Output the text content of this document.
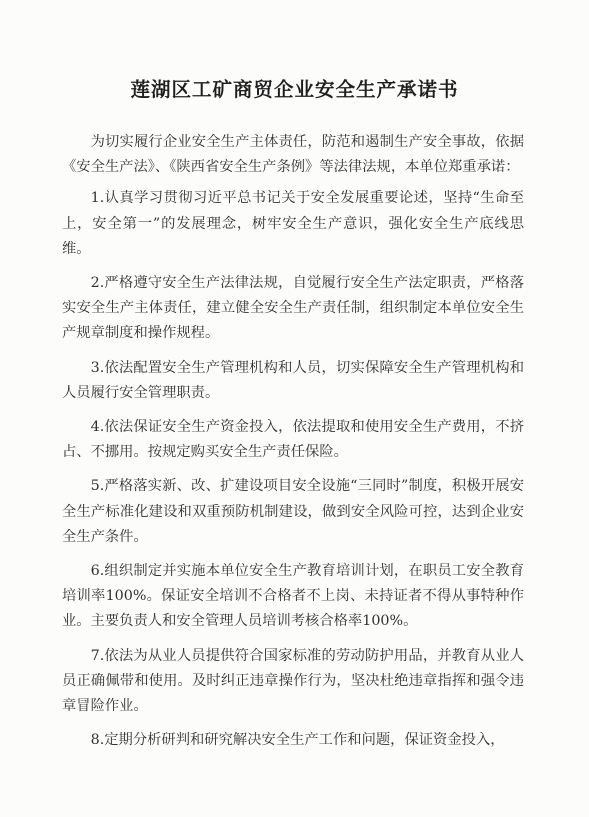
莲湖区工矿商贸企业安全生产承诺书

为切实履行企业安全生产主体责任，防范和遏制生产安全事故，依据《安全生产法》、《陕西省安全生产条例》等法律法规，本单位郑重承诺：

1.认真学习贯彻习近平总书记关于安全发展重要论述，坚持“生命至上，安全第一”的发展理念，树牢安全生产意识，强化安全生产底线思维。

2.严格遵守安全生产法律法规，自觉履行安全生产法定职责，严格落实安全生产主体责任，建立健全安全生产责任制，组织制定本单位安全生产规章制度和操作规程。

3.依法配置安全生产管理机构和人员，切实保障安全生产管理机构和人员履行安全管理职责。

4.依法保证安全生产资金投入，依法提取和使用安全生产费用，不挤占、不挪用。按规定购买安全生产责任保险。

5.严格落实新、改、扩建设项目安全设施“三同时”制度，积极开展安全生产标准化建设和双重预防机制建设，做到安全风险可控，达到企业安全生产条件。

6.组织制定并实施本单位安全生产教育培训计划，在职员工安全教育培训率100%。保证安全培训不合格者不上岗、未持证者不得从事特种作业。主要负责人和安全管理人员培训考核合格率100%。

7.依法为从业人员提供符合国家标准的劳动防护用品，并教育从业人员正确佩带和使用。及时纠正违章操作行为，坚决杜绝违章指挥和强令违章冒险作业。

8.定期分析研判和研究解决安全生产工作和问题，保证资金投入，
